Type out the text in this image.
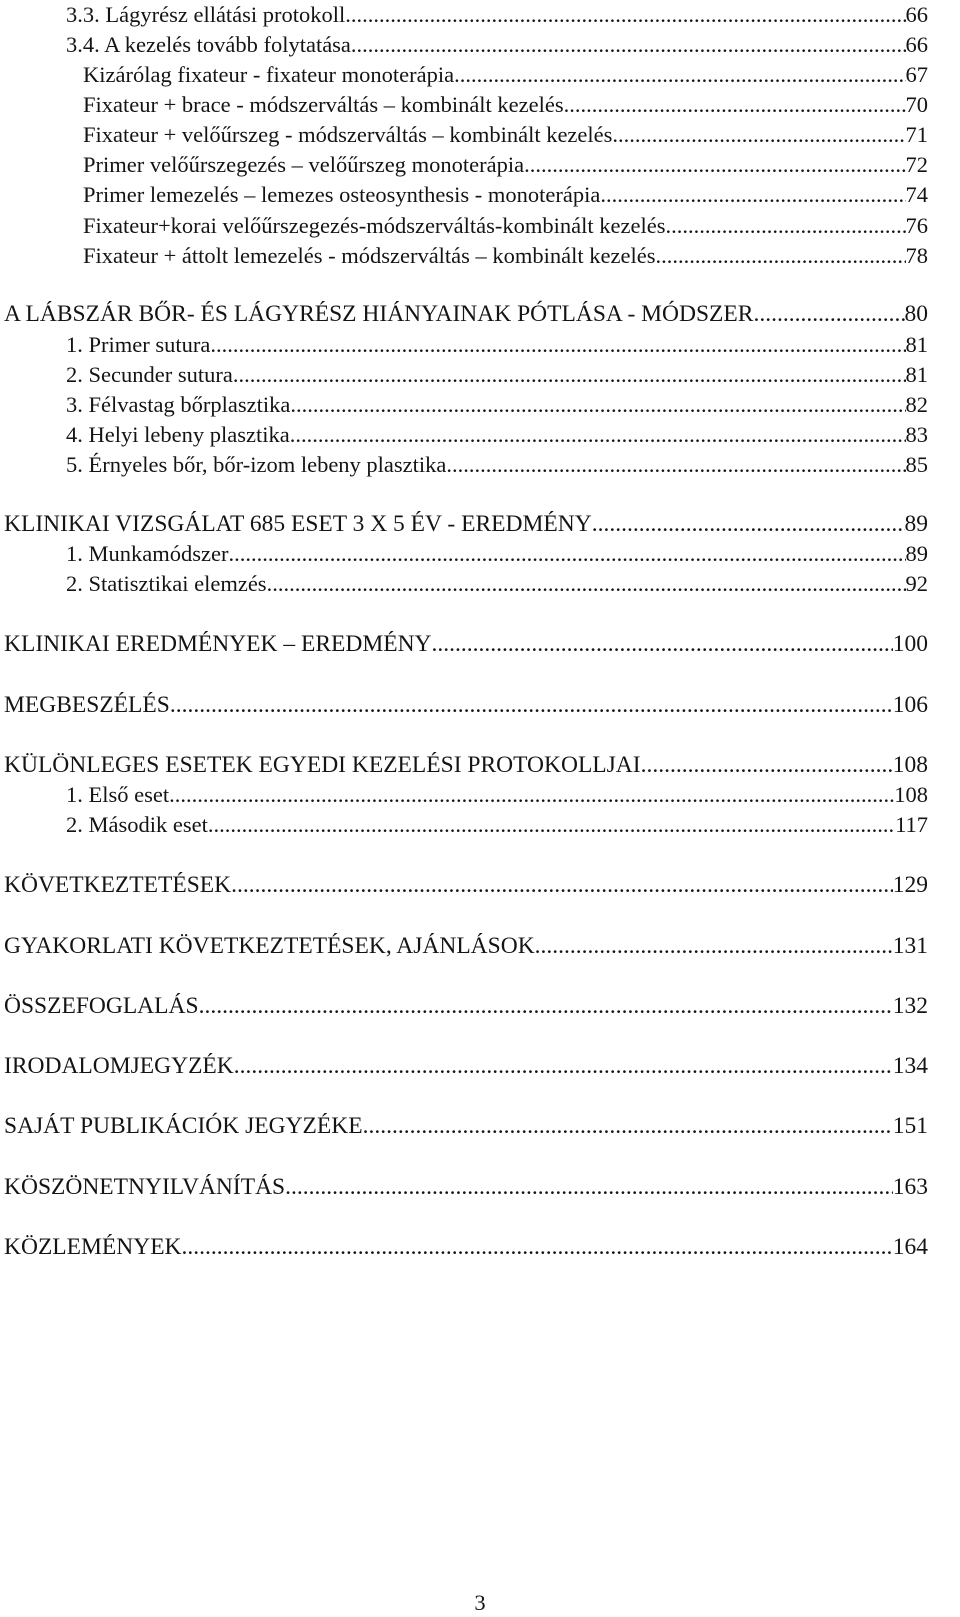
3.3. Lágyrész ellátási protokoll .....	66
3.4. A kezelés tovább folytatása .....	66
Kizárólag fixateur - fixateur monoterápia .....	67
Fixateur + brace - módszerváltás – kombinált kezelés .....	70
Fixateur + velőűrszeg - módszerváltás – kombinált kezelés .....	71
Primer velőűrszegezés – velőűrszeg monoterápia .....	72
Primer lemezelés – lemezes osteosynthesis - monoterápia .....	74
Fixateur+korai velőűrszegezés-módszerváltás-kombinált kezelés .....	76
Fixateur + áttolt lemezelés - módszerváltás – kombinált kezelés .....	78
A LÁBSZÁR BŐR- ÉS LÁGYRÉSZ HIÁNYAINAK PÓTLÁSA - MÓDSZER .....	80
1. Primer sutura .....	81
2. Secunder sutura .....	81
3. Félvastag bőrplasztika .....	82
4. Helyi lebeny plasztika .....	83
5. Érnyeles bőr, bőr-izom lebeny plasztika .....	85
KLINIKAI VIZSGÁLAT 685 ESET 3 X 5 ÉV - EREDMÉNY .....	89
1. Munkamódszer .....	89
2. Statisztikai elemzés .....	92
KLINIKAI EREDMÉNYEK – EREDMÉNY .....	100
MEGBESZÉLÉS .....	106
KÜLÖNLEGES ESETEK EGYEDI KEZELÉSI PROTOKOLLJAI .....	108
1. Első eset .....	108
2. Második eset .....	117
KÖVETKEZTETÉSEK .....	129
GYAKORLATI KÖVETKEZTETÉSEK, AJÁNLÁSOK .....	131
ÖSSZEFOGLALÁS .....	132
IRODALOMJEGYZÉK .....	134
SAJÁT PUBLIKÁCIÓK JEGYZÉKE .....	151
KÖSZÖNETNYILVÁNÍTÁS .....	163
KÖZLEMÉNYEK .....	164
3
